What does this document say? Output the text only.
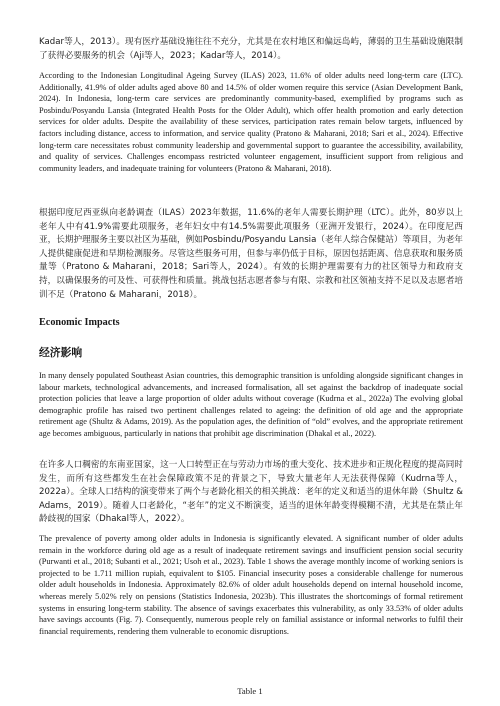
Kadar等人，2013）。现有医疗基础设施往往不充分，尤其是在农村地区和偏远岛屿，薄弱的卫生基础设施限制了获得必要服务的机会（Aji等人，2023；Kadar等人，2014）。

According to the Indonesian Longitudinal Ageing Survey (ILAS) 2023, 11.6% of older adults need long-term care (LTC). Additionally, 41.9% of older adults aged above 80 and 14.5% of older women require this service (Asian Development Bank, 2024). In Indonesia, long-term care services are predominantly community-based, exemplified by programs such as Posbindu/Posyandu Lansia (Integrated Health Posts for the Older Adult), which offer health promotion and early detection services for older adults. Despite the availability of these services, participation rates remain below targets, influenced by factors including distance, access to information, and service quality (Pratono & Maharani, 2018; Sari et al., 2024). Effective long-term care necessitates robust community leadership and governmental support to guarantee the accessibility, availability, and quality of services. Challenges encompass restricted volunteer engagement, insufficient support from religious and community leaders, and inadequate training for volunteers (Pratono & Maharani, 2018).

根据印度尼西亚纵向老龄调查（ILAS）2023年数据，11.6%的老年人需要长期护理（LTC）。此外，80岁以上老年人中有41.9%需要此项服务，老年妇女中有14.5%需要此项服务（亚洲开发银行，2024）。在印度尼西亚，长期护理服务主要以社区为基础，例如Posbindu/Posyandu Lansia（老年人综合保健站）等项目，为老年人提供健康促进和早期检测服务。尽管这些服务可用，但参与率仍低于目标，原因包括距离、信息获取和服务质量等（Pratono & Maharani，2018；Sari等人，2024）。有效的长期护理需要有力的社区领导力和政府支持，以确保服务的可及性、可获得性和质量。挑战包括志愿者参与有限、宗教和社区领袖支持不足以及志愿者培训不足（Pratono & Maharani，2018）。

Economic Impacts
经济影响

In many densely populated Southeast Asian countries, this demographic transition is unfolding alongside significant changes in labour markets, technological advancements, and increased formalisation, all set against the backdrop of inadequate social protection policies that leave a large proportion of older adults without coverage (Kudrna et al., 2022a) The evolving global demographic profile has raised two pertinent challenges related to ageing: the definition of old age and the appropriate retirement age (Shultz & Adams, 2019). As the population ages, the definition of “old” evolves, and the appropriate retirement age becomes ambiguous, particularly in nations that prohibit age discrimination (Dhakal et al., 2022).

在许多人口稠密的东南亚国家，这一人口转型正在与劳动力市场的重大变化、技术进步和正规化程度的提高同时发生，而所有这些都发生在社会保障政策不足的背景之下，导致大量老年人无法获得保障（Kudrna等人，2022a）。全球人口结构的演变带来了两个与老龄化相关的相关挑战：老年的定义和适当的退休年龄（Shultz & Adams，2019）。随着人口老龄化，“老年”的定义不断演变，适当的退休年龄变得模糊不清，尤其是在禁止年龄歧视的国家（Dhakal等人，2022）。

The prevalence of poverty among older adults in Indonesia is significantly elevated. A significant number of older adults remain in the workforce during old age as a result of inadequate retirement savings and insufficient pension social security (Purwanti et al., 2018; Subanti et al., 2021; Usoh et al., 2023). Table 1 shows the average monthly income of working seniors is projected to be 1.711 million rupiah, equivalent to $105. Financial insecurity poses a considerable challenge for numerous older adult households in Indonesia. Approximately 82.6% of older adult households depend on internal household income, whereas merely 5.02% rely on pensions (Statistics Indonesia, 2023b). This illustrates the shortcomings of formal retirement systems in ensuring long-term stability. The absence of savings exacerbates this vulnerability, as only 33.53% of older adults have savings accounts (Fig. 7). Consequently, numerous people rely on familial assistance or informal networks to fulfil their financial requirements, rendering them vulnerable to economic disruptions.

Table 1
